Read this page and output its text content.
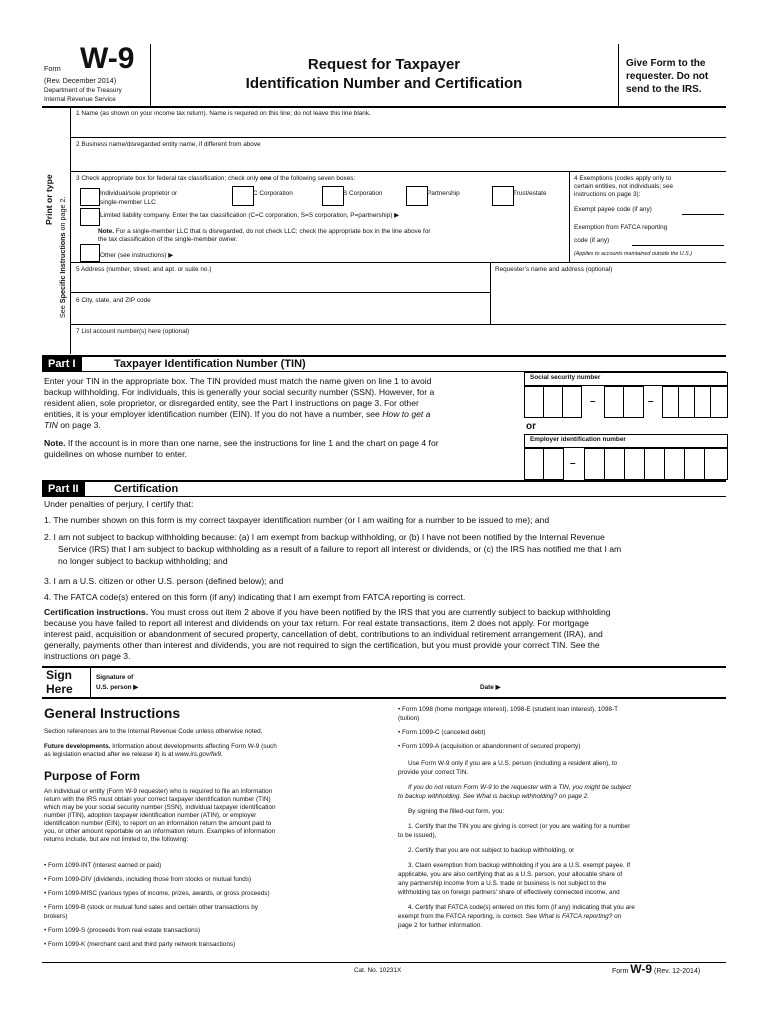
Form W-9
(Rev. December 2014)
Department of the Treasury
Internal Revenue Service
Request for Taxpayer
Identification Number and Certification
Give Form to the
requester. Do not
send to the IRS.
Print or type
See Specific Instructions on page 2.
1 Name (as shown on your income tax return). Name is required on this line; do not leave this line blank.
2 Business name/disregarded entity name, if different from above
3 Check appropriate box for federal tax classification; check only one of the following seven boxes:
Individual/sole proprietor or
single-member LLC
C Corporation	S Corporation	Partnership	Trust/estate
Limited liability company. Enter the tax classification (C=C corporation, S=S corporation, P=partnership) ▶
Note. For a single-member LLC that is disregarded, do not check LLC; check the appropriate box in the line above for
the tax classification of the single-member owner.
Other (see instructions) ▶
4 Exemptions (codes apply only to
certain entities, not individuals; see
instructions on page 3):
Exempt payee code (if any)
Exemption from FATCA reporting
code (if any)
(Applies to accounts maintained outside the U.S.)
5 Address (number, street, and apt. or suite no.)	Requester’s name and address (optional)
6 City, state, and ZIP code
7 List account number(s) here (optional)
Part I	Taxpayer Identification Number (TIN)
Enter your TIN in the appropriate box. The TIN provided must match the name given on line 1 to avoid
backup withholding. For individuals, this is generally your social security number (SSN). However, for a
resident alien, sole proprietor, or disregarded entity, see the Part I instructions on page 3. For other
entities, it is your employer identification number (EIN). If you do not have a number, see How to get a
TIN on page 3.
Note. If the account is in more than one name, see the instructions for line 1 and the chart on page 4 for
guidelines on whose number to enter.
Social security number
–	–
or
Employer identification number
–
Part II	Certification
Under penalties of perjury, I certify that:
1. The number shown on this form is my correct taxpayer identification number (or I am waiting for a number to be issued to me); and
2. I am not subject to backup withholding because: (a) I am exempt from backup withholding, or (b) I have not been notified by the Internal Revenue
Service (IRS) that I am subject to backup withholding as a result of a failure to report all interest or dividends, or (c) the IRS has notified me that I am
no longer subject to backup withholding; and
3. I am a U.S. citizen or other U.S. person (defined below); and
4. The FATCA code(s) entered on this form (if any) indicating that I am exempt from FATCA reporting is correct.
Certification instructions. You must cross out item 2 above if you have been notified by the IRS that you are currently subject to backup withholding
because you have failed to report all interest and dividends on your tax return. For real estate transactions, item 2 does not apply. For mortgage
interest paid, acquisition or abandonment of secured property, cancellation of debt, contributions to an individual retirement arrangement (IRA), and
generally, payments other than interest and dividends, you are not required to sign the certification, but you must provide your correct TIN. See the
instructions on page 3.
Sign
Here
Signature of
U.S. person ▶	Date ▶
General Instructions
Section references are to the Internal Revenue Code unless otherwise noted.
Future developments. Information about developments affecting Form W-9 (such
as legislation enacted after we release it) is at www.irs.gov/fw9.
Purpose of Form
An individual or entity (Form W-9 requester) who is required to file an information
return with the IRS must obtain your correct taxpayer identification number (TIN)
which may be your social security number (SSN), individual taxpayer identification
number (ITIN), adoption taxpayer identification number (ATIN), or employer
identification number (EIN), to report on an information return the amount paid to
you, or other amount reportable on an information return. Examples of information
returns include, but are not limited to, the following:
• Form 1099-INT (interest earned or paid)
• Form 1099-DIV (dividends, including those from stocks or mutual funds)
• Form 1099-MISC (various types of income, prizes, awards, or gross proceeds)
• Form 1099-B (stock or mutual fund sales and certain other transactions by
brokers)
• Form 1099-S (proceeds from real estate transactions)
• Form 1099-K (merchant card and third party network transactions)
• Form 1098 (home mortgage interest), 1098-E (student loan interest), 1098-T
(tuition)
• Form 1099-C (canceled debt)
• Form 1099-A (acquisition or abandonment of secured property)
Use Form W-9 only if you are a U.S. person (including a resident alien), to
provide your correct TIN.
If you do not return Form W-9 to the requester with a TIN, you might be subject
to backup withholding. See What is backup withholding? on page 2.
By signing the filled-out form, you:
1. Certify that the TIN you are giving is correct (or you are waiting for a number
to be issued),
2. Certify that you are not subject to backup withholding, or
3. Claim exemption from backup withholding if you are a U.S. exempt payee. If
applicable, you are also certifying that as a U.S. person, your allocable share of
any partnership income from a U.S. trade or business is not subject to the
withholding tax on foreign partners' share of effectively connected income, and
4. Certify that FATCA code(s) entered on this form (if any) indicating that you are
exempt from the FATCA reporting, is correct. See What is FATCA reporting? on
page 2 for further information.
Cat. No. 10231X	Form W-9 (Rev. 12-2014)
